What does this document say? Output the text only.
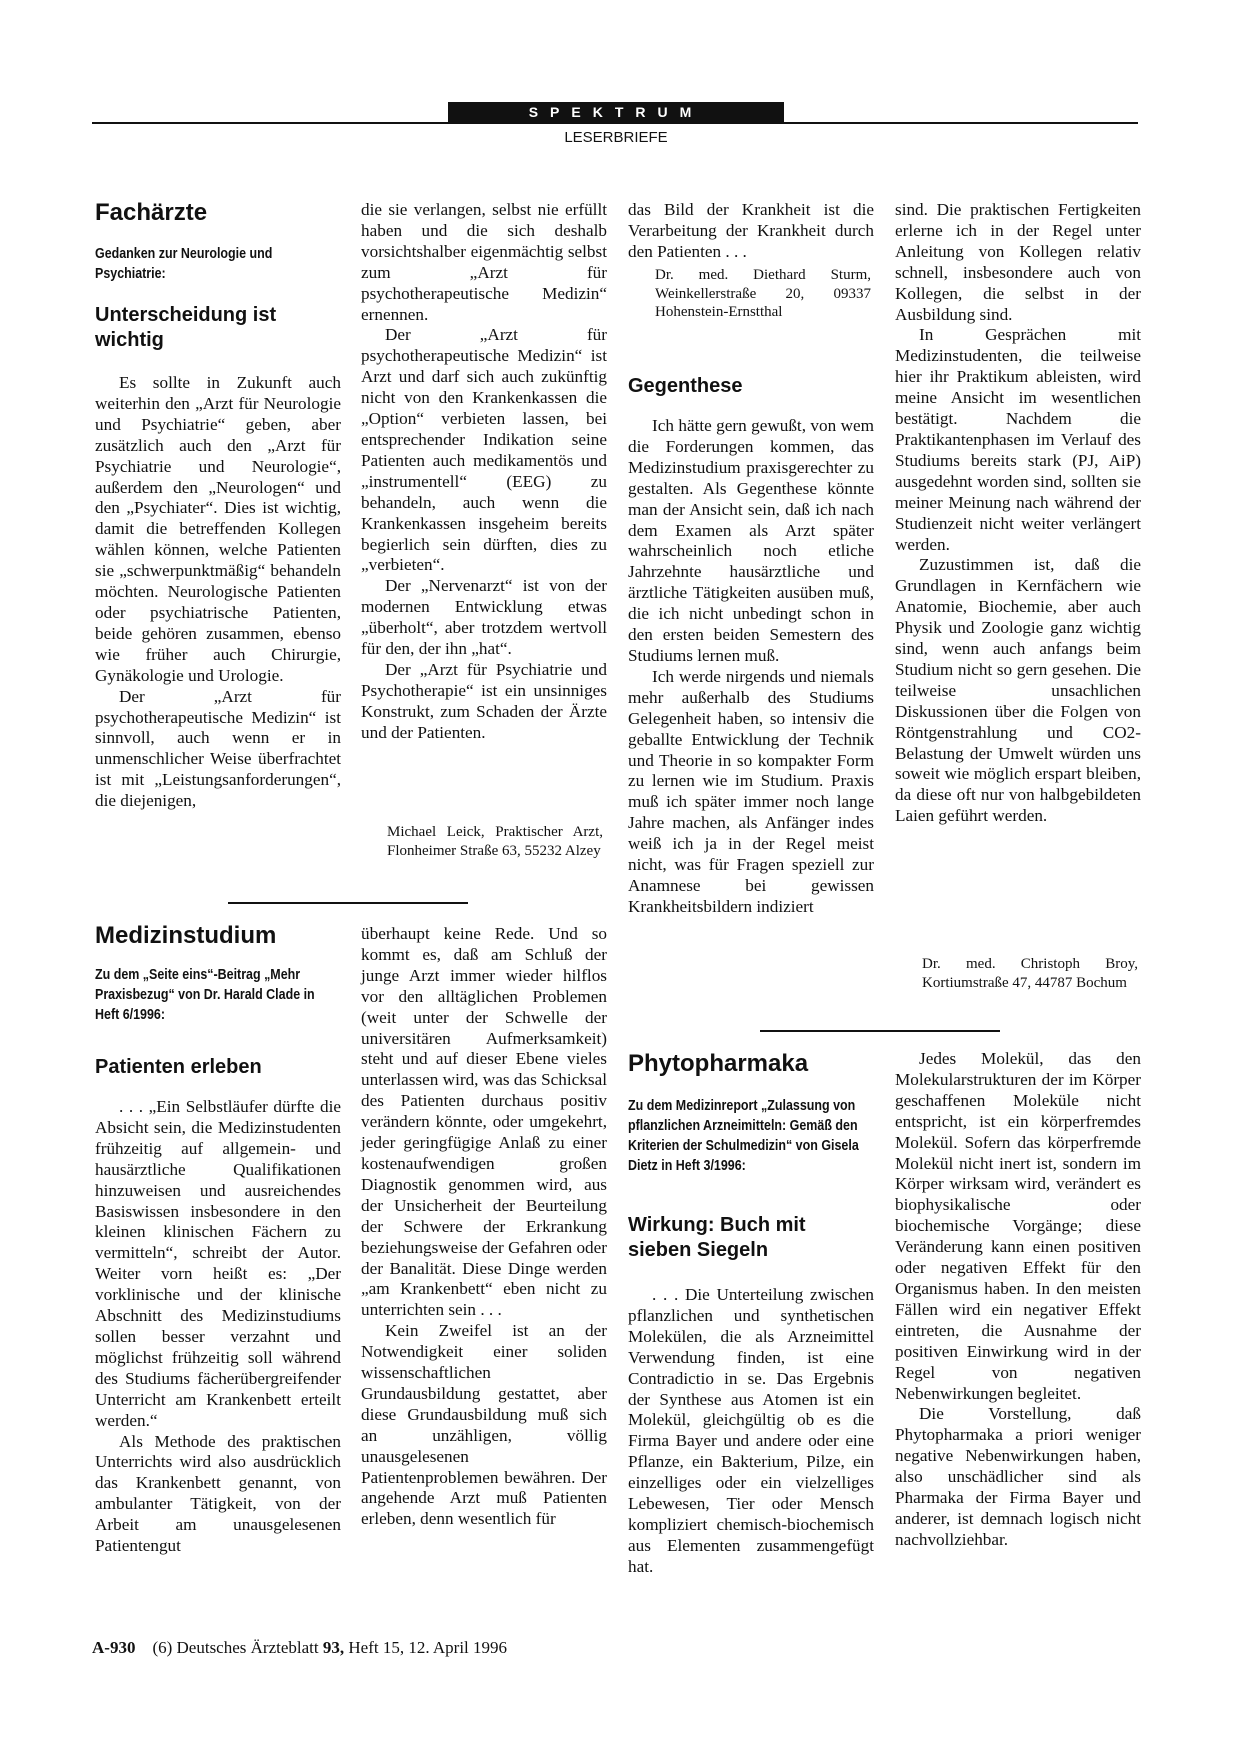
SPEKTRUM
LESERBRIEFE
Fachärzte
Gedanken zur Neurologie und Psychiatrie:
Unterscheidung ist wichtig

Es sollte in Zukunft auch weiterhin den „Arzt für Neurologie und Psychiatrie“ geben, aber zusätzlich auch den „Arzt für Psychiatrie und Neurologie“, außerdem den „Neurologen“ und den „Psychiater“. Dies ist wichtig, damit die betreffenden Kollegen wählen können, welche Patienten sie „schwerpunktmäßig“ behandeln möchten. Neurologische Patienten oder psychiatrische Patienten, beide gehören zusammen, ebenso wie früher auch Chirurgie, Gynäkologie und Urologie.

Der „Arzt für psychotherapeutische Medizin“ ist sinnvoll, auch wenn er in unmenschlicher Weise überfrachtet ist mit „Leistungsanforderungen“, die diejenigen,

die sie verlangen, selbst nie erfüllt haben und die sich deshalb vorsichtshalber eigenmächtig selbst zum „Arzt für psychotherapeutische Medizin“ ernennen.

Der „Arzt für psychotherapeutische Medizin“ ist Arzt und darf sich auch zukünftig nicht von den Krankenkassen die „Option“ verbieten lassen, bei entsprechender Indikation seine Patienten auch medikamentös und „instrumentell“ (EEG) zu behandeln, auch wenn die Krankenkassen insgeheim bereits begierlich sein dürften, dies zu „verbieten“.

Der „Nervenarzt“ ist von der modernen Entwicklung etwas „überholt“, aber trotzdem wertvoll für den, der ihn „hat“.

Der „Arzt für Psychiatrie und Psychotherapie“ ist ein unsinniges Konstrukt, zum Schaden der Ärzte und der Patienten.

Michael Leick, Praktischer Arzt, Flonheimer Straße 63, 55232 Alzey

das Bild der Krankheit ist die Verarbeitung der Krankheit durch den Patienten . . .

Dr. med. Diethard Sturm, Weinkellerstraße 20, 09337 Hohenstein-Ernstthal
Gegenthese

Ich hätte gern gewußt, von wem die Forderungen kommen, das Medizinstudium praxisgerechter zu gestalten. Als Gegenthese könnte man der Ansicht sein, daß ich nach dem Examen als Arzt später wahrscheinlich noch etliche Jahrzehnte hausärztliche und ärztliche Tätigkeiten ausüben muß, die ich nicht unbedingt schon in den ersten beiden Semestern des Studiums lernen muß.

Ich werde nirgends und niemals mehr außerhalb des Studiums Gelegenheit haben, so intensiv die geballte Entwicklung der Technik und Theorie in so kompakter Form zu lernen wie im Studium. Praxis muß ich später immer noch lange Jahre machen, als Anfänger indes weiß ich ja in der Regel meist nicht, was für Fragen speziell zur Anamnese bei gewissen Krankheitsbildern indiziert

sind. Die praktischen Fertigkeiten erlerne ich in der Regel unter Anleitung von Kollegen relativ schnell, insbesondere auch von Kollegen, die selbst in der Ausbildung sind.

In Gesprächen mit Medizinstudenten, die teilweise hier ihr Praktikum ableisten, wird meine Ansicht im wesentlichen bestätigt. Nachdem die Praktikantenphasen im Verlauf des Studiums bereits stark (PJ, AiP) ausgedehnt worden sind, sollten sie meiner Meinung nach während der Studienzeit nicht weiter verlängert werden.

Zuzustimmen ist, daß die Grundlagen in Kernfächern wie Anatomie, Biochemie, aber auch Physik und Zoologie ganz wichtig sind, wenn auch anfangs beim Studium nicht so gern gesehen. Die teilweise unsachlichen Diskussionen über die Folgen von Röntgenstrahlung und CO2-Belastung der Umwelt würden uns soweit wie möglich erspart bleiben, da diese oft nur von halbgebildeten Laien geführt werden.

Dr. med. Christoph Broy, Kortiumstraße 47, 44787 Bochum
Medizinstudium
Zu dem „Seite eins“-Beitrag „Mehr Praxisbezug“ von Dr. Harald Clade in Heft 6/1996:
Patienten erleben

. . . „Ein Selbstläufer dürfte die Absicht sein, die Medizinstudenten frühzeitig auf allgemein- und hausärztliche Qualifikationen hinzuweisen und ausreichendes Basiswissen insbesondere in den kleinen klinischen Fächern zu vermitteln“, schreibt der Autor. Weiter vorn heißt es: „Der vorklinische und der klinische Abschnitt des Medizinstudiums sollen besser verzahnt und möglichst frühzeitig soll während des Studiums fächerübergreifender Unterricht am Krankenbett erteilt werden.“

Als Methode des praktischen Unterrichts wird also ausdrücklich das Krankenbett genannt, von ambulanter Tätigkeit, von der Arbeit am unausgelesenen Patientengut

überhaupt keine Rede. Und so kommt es, daß am Schluß der junge Arzt immer wieder hilflos vor den alltäglichen Problemen (weit unter der Schwelle der universitären Aufmerksamkeit) steht und auf dieser Ebene vieles unterlassen wird, was das Schicksal des Patienten durchaus positiv verändern könnte, oder umgekehrt, jeder geringfügige Anlaß zu einer kostenaufwendigen großen Diagnostik genommen wird, aus der Unsicherheit der Beurteilung der Schwere der Erkrankung beziehungsweise der Gefahren oder der Banalität. Diese Dinge werden „am Krankenbett“ eben nicht zu unterrichten sein . . .

Kein Zweifel ist an der Notwendigkeit einer soliden wissenschaftlichen Grundausbildung gestattet, aber diese Grundausbildung muß sich an unzähligen, völlig unausgelesenen Patientenproblemen bewähren. Der angehende Arzt muß Patienten erleben, denn wesentlich für

Phytopharmaka
Zu dem Medizinreport „Zulassung von pflanzlichen Arzneimitteln: Gemäß den Kriterien der Schulmedizin“ von Gisela Dietz in Heft 3/1996:
Wirkung: Buch mit sieben Siegeln

. . . Die Unterteilung zwischen pflanzlichen und synthetischen Molekülen, die als Arzneimittel Verwendung finden, ist eine Contradictio in se. Das Ergebnis der Synthese aus Atomen ist ein Molekül, gleichgültig ob es die Firma Bayer und andere oder eine Pflanze, ein Bakterium, Pilze, ein einzelliges oder ein vielzelliges Lebewesen, Tier oder Mensch kompliziert chemisch-biochemisch aus Elementen zusammengefügt hat.

Jedes Molekül, das den Molekularstrukturen der im Körper geschaffenen Moleküle nicht entspricht, ist ein körperfremdes Molekül. Sofern das körperfremde Molekül nicht inert ist, sondern im Körper wirksam wird, verändert es biophysikalische oder biochemische Vorgänge; diese Veränderung kann einen positiven oder negativen Effekt für den Organismus haben. In den meisten Fällen wird ein negativer Effekt eintreten, die Ausnahme der positiven Einwirkung wird in der Regel von negativen Nebenwirkungen begleitet.

Die Vorstellung, daß Phytopharmaka a priori weniger negative Nebenwirkungen haben, also unschädlicher sind als Pharmaka der Firma Bayer und anderer, ist demnach logisch nicht nachvollziehbar.

A-930 (6) Deutsches Ärzteblatt 93, Heft 15, 12. April 1996
